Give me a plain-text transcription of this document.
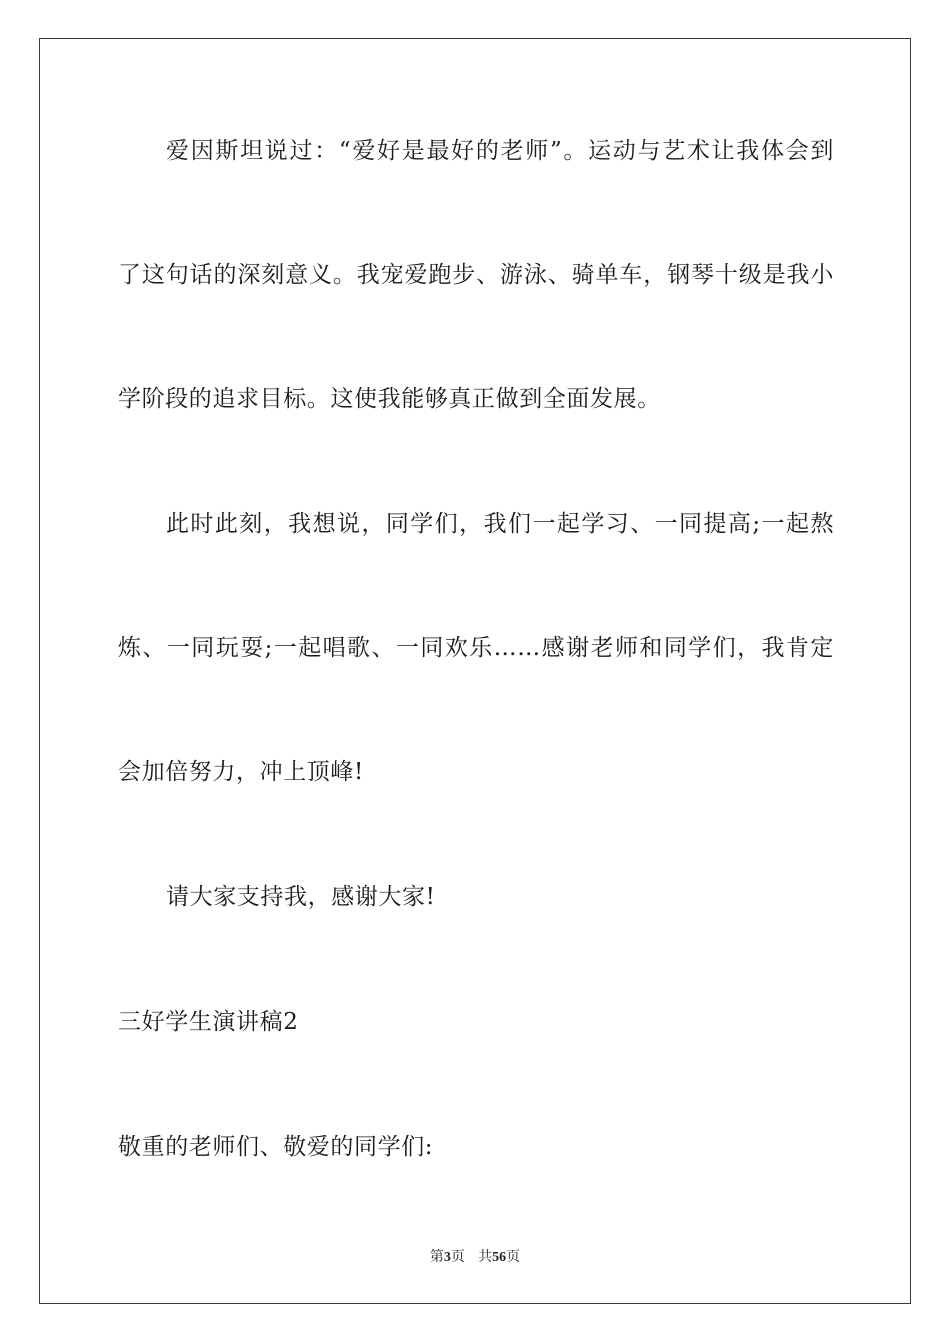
爱因斯坦说过：“爱好是最好的老师”。运动与艺术让我体会到
了这句话的深刻意义。我宠爱跑步、游泳、骑单车，钢琴十级是我小
学阶段的追求目标。这使我能够真正做到全面发展。
此时此刻，我想说，同学们，我们一起学习、一同提高;一起熬
炼、一同玩耍;一起唱歌、一同欢乐……感谢老师和同学们，我肯定
会加倍努力，冲上顶峰!
请大家支持我，感谢大家!
三好学生演讲稿2
敬重的老师们、敬爱的同学们:
第3页 共56页
